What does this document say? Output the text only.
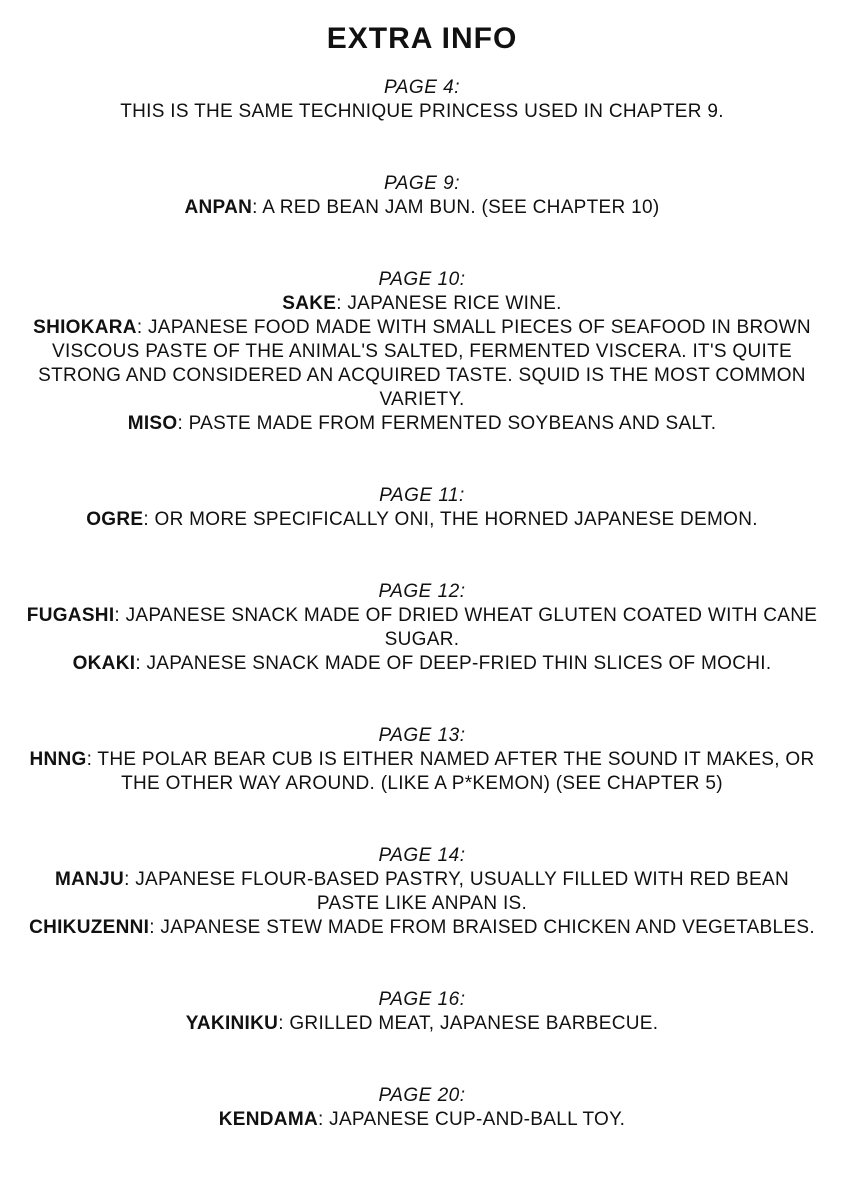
EXTRA INFO
PAGE 4:
THIS IS THE SAME TECHNIQUE PRINCESS USED IN CHAPTER 9.
PAGE 9:
ANPAN: A RED BEAN JAM BUN. (SEE CHAPTER 10)
PAGE 10:
SAKE: JAPANESE RICE WINE.
SHIOKARA: JAPANESE FOOD MADE WITH SMALL PIECES OF SEAFOOD IN BROWN VISCOUS PASTE OF THE ANIMAL'S SALTED, FERMENTED VISCERA. IT'S QUITE STRONG AND CONSIDERED AN ACQUIRED TASTE. SQUID IS THE MOST COMMON VARIETY.
MISO: PASTE MADE FROM FERMENTED SOYBEANS AND SALT.
PAGE 11:
OGRE: OR MORE SPECIFICALLY ONI, THE HORNED JAPANESE DEMON.
PAGE 12:
FUGASHI: JAPANESE SNACK MADE OF DRIED WHEAT GLUTEN COATED WITH CANE SUGAR.
OKAKI: JAPANESE SNACK MADE OF DEEP-FRIED THIN SLICES OF MOCHI.
PAGE 13:
HNNG: THE POLAR BEAR CUB IS EITHER NAMED AFTER THE SOUND IT MAKES, OR THE OTHER WAY AROUND. (LIKE A P*KEMON) (SEE CHAPTER 5)
PAGE 14:
MANJU: JAPANESE FLOUR-BASED PASTRY, USUALLY FILLED WITH RED BEAN PASTE LIKE ANPAN IS.
CHIKUZENNI: JAPANESE STEW MADE FROM BRAISED CHICKEN AND VEGETABLES.
PAGE 16:
YAKINIKU: GRILLED MEAT, JAPANESE BARBECUE.
PAGE 20:
KENDAMA: JAPANESE CUP-AND-BALL TOY.
